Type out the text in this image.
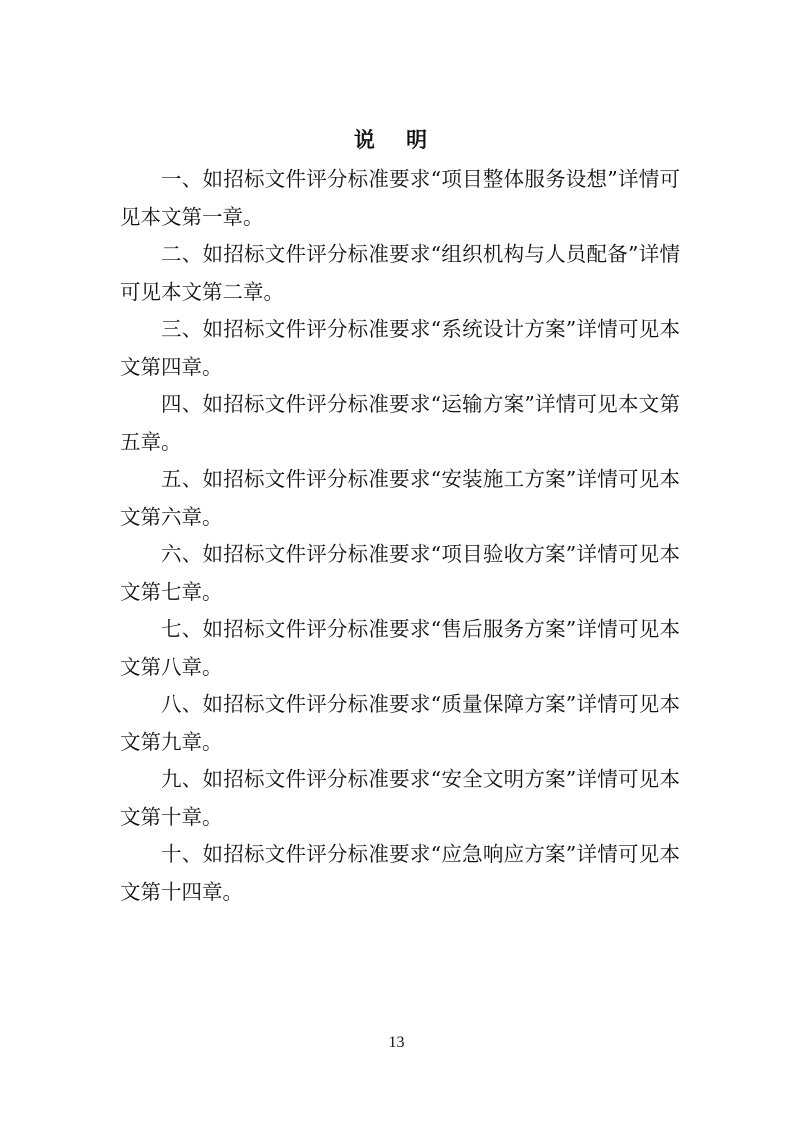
说 明

一、如招标文件评分标准要求“项目整体服务设想”详情可见本文第一章。

二、如招标文件评分标准要求“组织机构与人员配备”详情可见本文第二章。

三、如招标文件评分标准要求“系统设计方案”详情可见本文第四章。

四、如招标文件评分标准要求“运输方案”详情可见本文第五章。

五、如招标文件评分标准要求“安装施工方案”详情可见本文第六章。

六、如招标文件评分标准要求“项目验收方案”详情可见本文第七章。

七、如招标文件评分标准要求“售后服务方案”详情可见本文第八章。

八、如招标文件评分标准要求“质量保障方案”详情可见本文第九章。

九、如招标文件评分标准要求“安全文明方案”详情可见本文第十章。

十、如招标文件评分标准要求“应急响应方案”详情可见本文第十四章。

13
